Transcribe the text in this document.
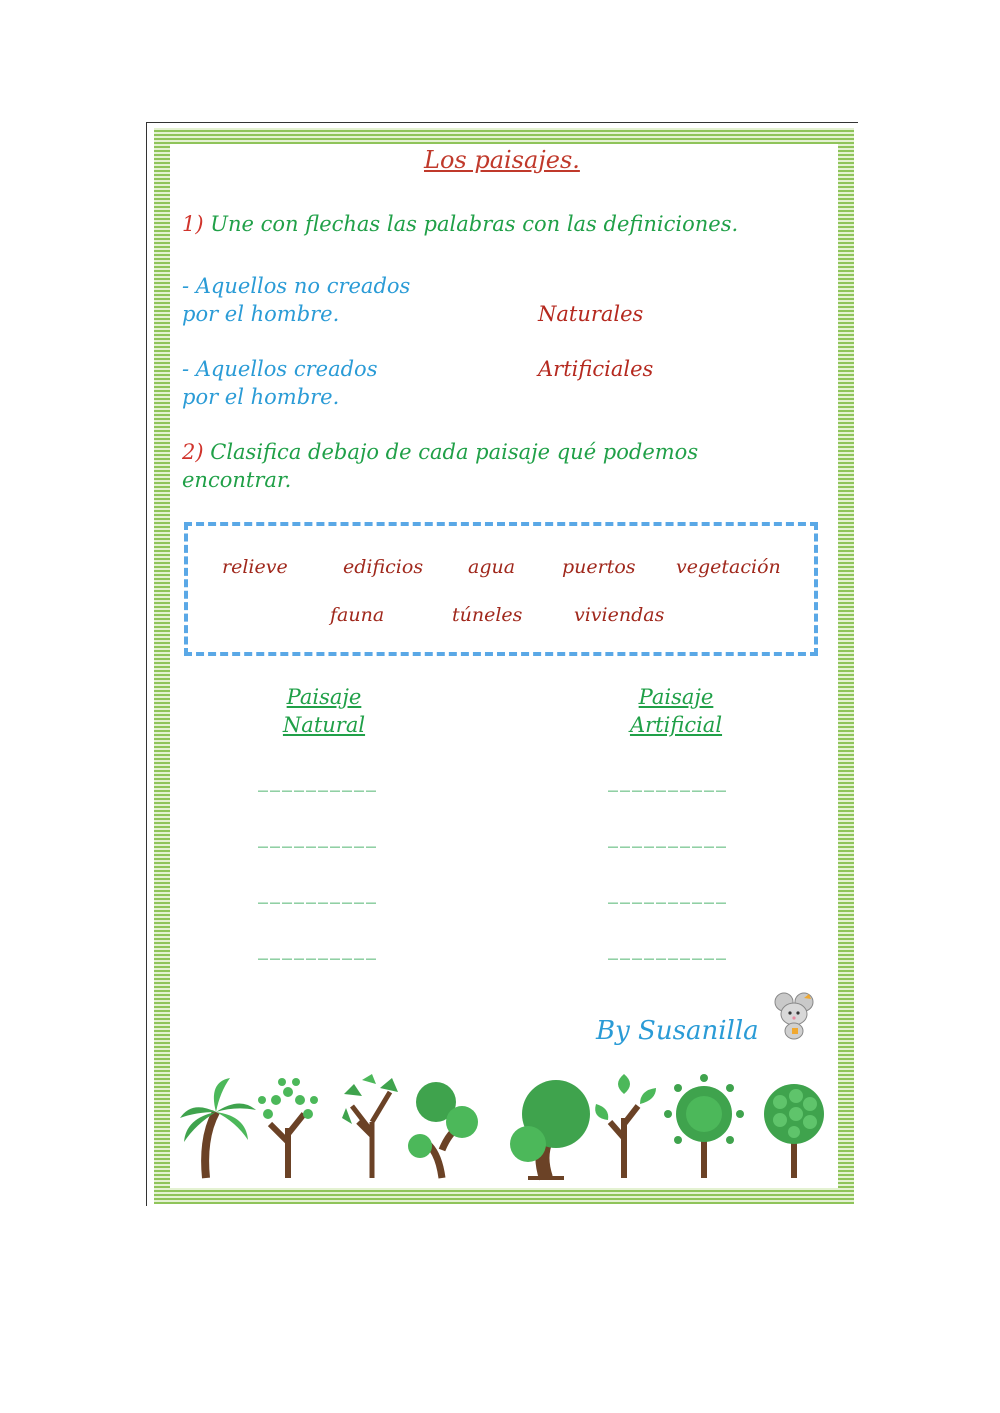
Los paisajes.
1) Une con flechas las palabras con las definiciones.
- Aquellos no creados
por el hombre.	Naturales
- Aquellos creados
por el hombre.
Artificiales
2) Clasifica debajo de cada paisaje qué podemos
encontrar.
relieve	edificios agua puertos vegetación
fauna	túneles	viviendas
Paisaje
Natural
Paisaje
Artificial
__________
__________
__________
__________
__________
__________
__________
__________
By Susanilla
